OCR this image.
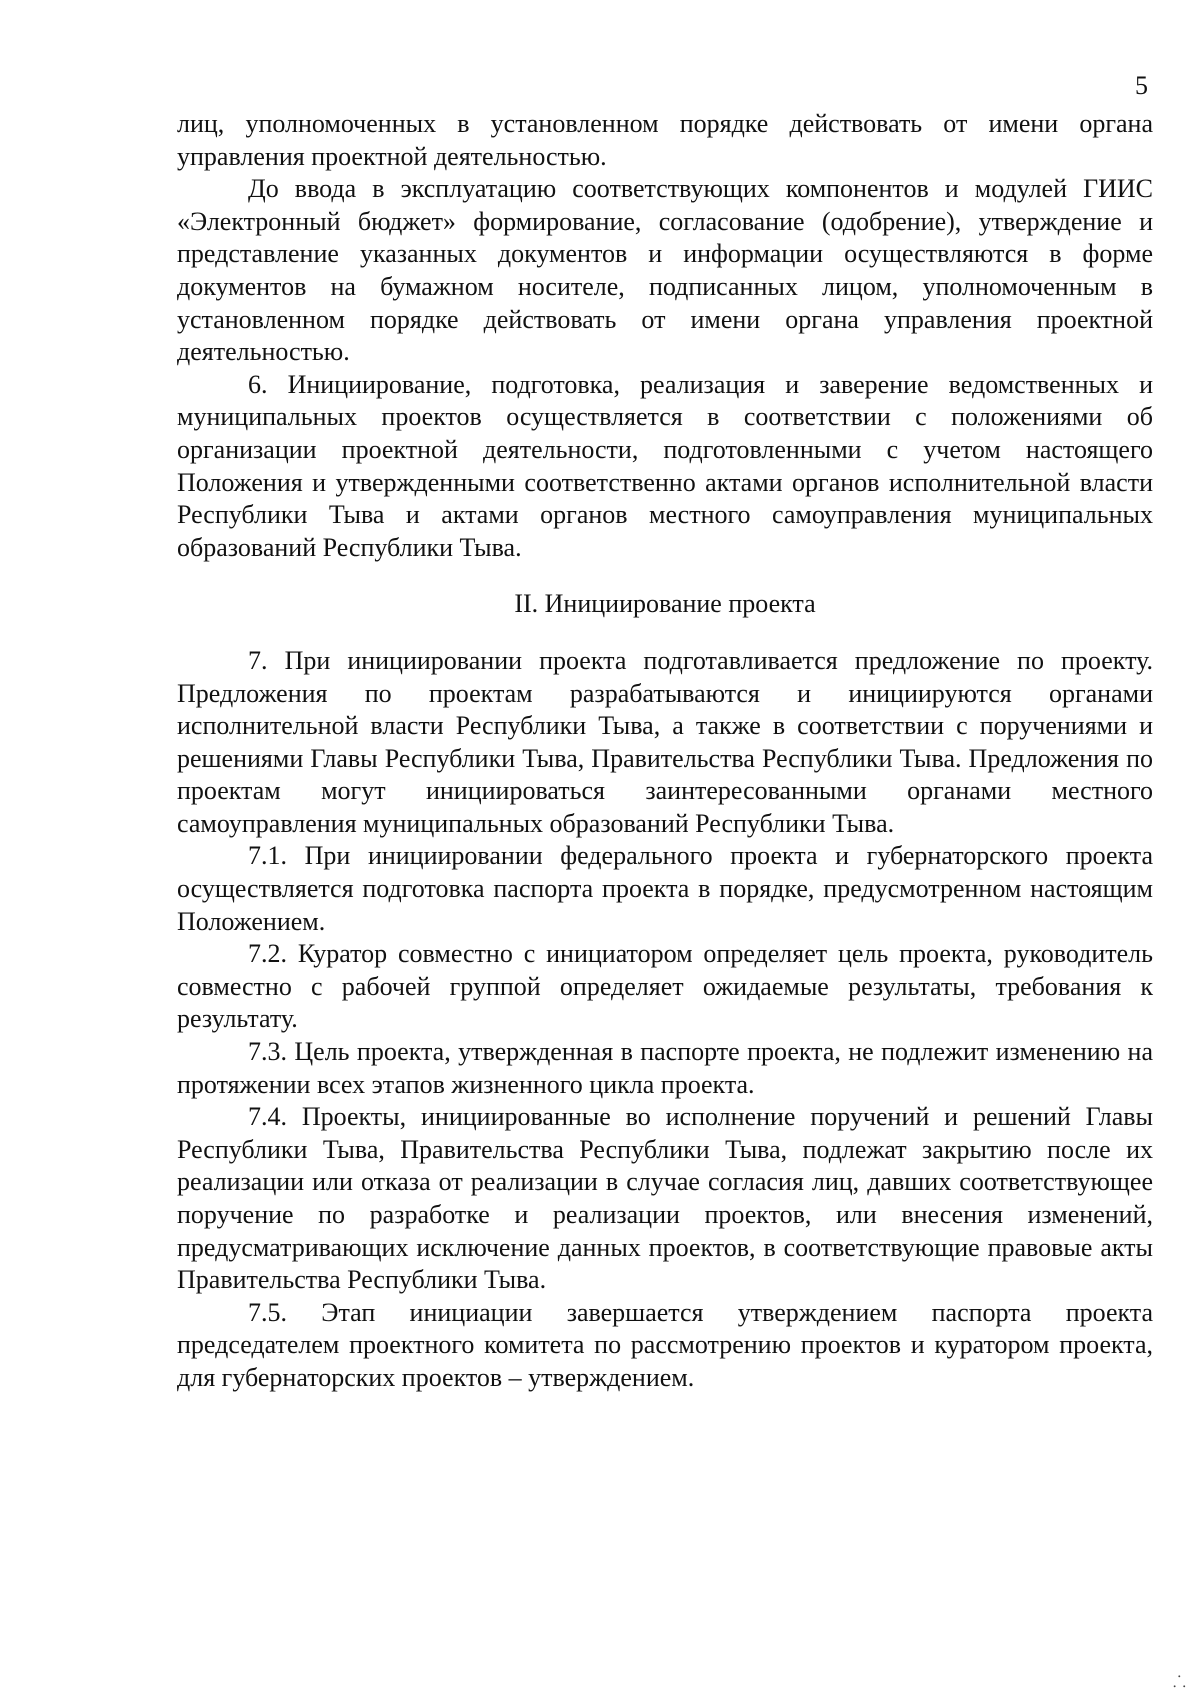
5

лиц, уполномоченных в установленном порядке действовать от имени органа управления проектной деятельностью.

До ввода в эксплуатацию соответствующих компонентов и модулей ГИИС «Электронный бюджет» формирование, согласование (одобрение), утверждение и представление указанных документов и информации осуществляются в форме документов на бумажном носителе, подписанных лицом, уполномоченным в установленном порядке действовать от имени органа управления проектной деятельностью.

6. Инициирование, подготовка, реализация и заверение ведомственных и муниципальных проектов осуществляется в соответствии с положениями об организации проектной деятельности, подготовленными с учетом настоящего Положения и утвержденными соответственно актами органов исполнительной власти Республики Тыва и актами органов местного самоуправления муниципальных образований Республики Тыва.

II. Инициирование проекта

7. При инициировании проекта подготавливается предложение по проекту. Предложения по проектам разрабатываются и инициируются органами исполнительной власти Республики Тыва, а также в соответствии с поручениями и решениями Главы Республики Тыва, Правительства Республики Тыва. Предложения по проектам могут инициироваться заинтересованными органами местного самоуправления муниципальных образований Республики Тыва.

7.1. При инициировании федерального проекта и губернаторского проекта осуществляется подготовка паспорта проекта в порядке, предусмотренном настоящим Положением.

7.2. Куратор совместно с инициатором определяет цель проекта, руководитель совместно с рабочей группой определяет ожидаемые результаты, требования к результату.

7.3. Цель проекта, утвержденная в паспорте проекта, не подлежит изменению на протяжении всех этапов жизненного цикла проекта.

7.4. Проекты, инициированные во исполнение поручений и решений Главы Республики Тыва, Правительства Республики Тыва, подлежат закрытию после их реализации или отказа от реализации в случае согласия лиц, давших соответствующее поручение по разработке и реализации проектов, или внесения изменений, предусматривающих исключение данных проектов, в соответствующие правовые акты Правительства Республики Тыва.

7.5. Этап инициации завершается утверждением паспорта проекта председателем проектного комитета по рассмотрению проектов и куратором проекта, для губернаторских проектов – утверждением.

⸫
